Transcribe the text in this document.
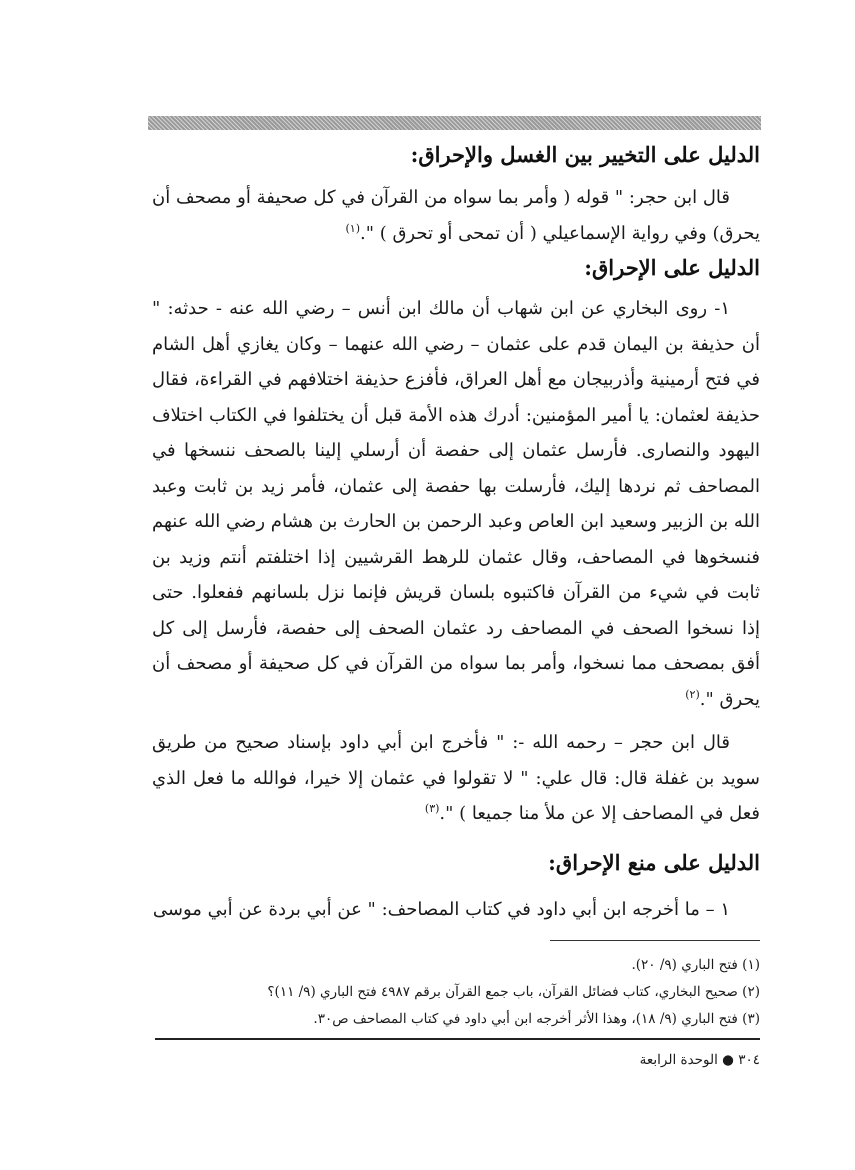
الدليل على التخيير بين الغسل والإحراق:

قال ابن حجر: " قوله ( وأمر بما سواه من القرآن في كل صحيفة أو مصحف أن يحرق) وفي رواية الإسماعيلي ( أن تمحى أو تحرق ) ".$^{(١)}$

الدليل على الإحراق:

١- روى البخاري عن ابن شهاب أن مالك ابن أنس – رضي الله عنه - حدثه: " أن حذيفة بن اليمان قدم على عثمان – رضي الله عنهما – وكان يغازي أهل الشام في فتح أرمينية وأذربيجان مع أهل العراق، فأفزع حذيفة اختلافهم في القراءة، فقال حذيفة لعثمان: يا أمير المؤمنين: أدرك هذه الأمة قبل أن يختلفوا في الكتاب اختلاف اليهود والنصارى. فأرسل عثمان إلى حفصة أن أرسلي إلينا بالصحف ننسخها في المصاحف ثم نردها إليك، فأرسلت بها حفصة إلى عثمان، فأمر زيد بن ثابت وعبد الله بن الزبير وسعيد ابن العاص وعبد الرحمن بن الحارث بن هشام رضي الله عنهم فنسخوها في المصاحف، وقال عثمان للرهط القرشيين إذا اختلفتم أنتم وزيد بن ثابت في شيء من القرآن فاكتبوه بلسان قريش فإنما نزل بلسانهم ففعلوا. حتى إذا نسخوا الصحف في المصاحف رد عثمان الصحف إلى حفصة، فأرسل إلى كل أفق بمصحف مما نسخوا، وأمر بما سواه من القرآن في كل صحيفة أو مصحف أن يحرق ".$^{(٢)}$

قال ابن حجر – رحمه الله -: " فأخرج ابن أبي داود بإسناد صحيح من طريق سويد بن غفلة قال: قال علي: " لا تقولوا في عثمان إلا خيرا، فوالله ما فعل الذي فعل في المصاحف إلا عن ملأ منا جميعا ) ".$^{(٣)}$

الدليل على منع الإحراق:

١ – ما أخرجه ابن أبي داود في كتاب المصاحف: " عن أبي بردة عن أبي موسى

(١) فتح الباري (٩/ ٢٠).
(٢) صحيح البخاري، كتاب فضائل القرآن، باب جمع القرآن برقم ٤٩٨٧ فتح الباري (٩/ ١١)؟
(٣) فتح الباري (٩/ ١٨)، وهذا الأثر أخرجه ابن أبي داود في كتاب المصاحف ص٣٠.
٣٠٤ ● الوحدة الرابعة
